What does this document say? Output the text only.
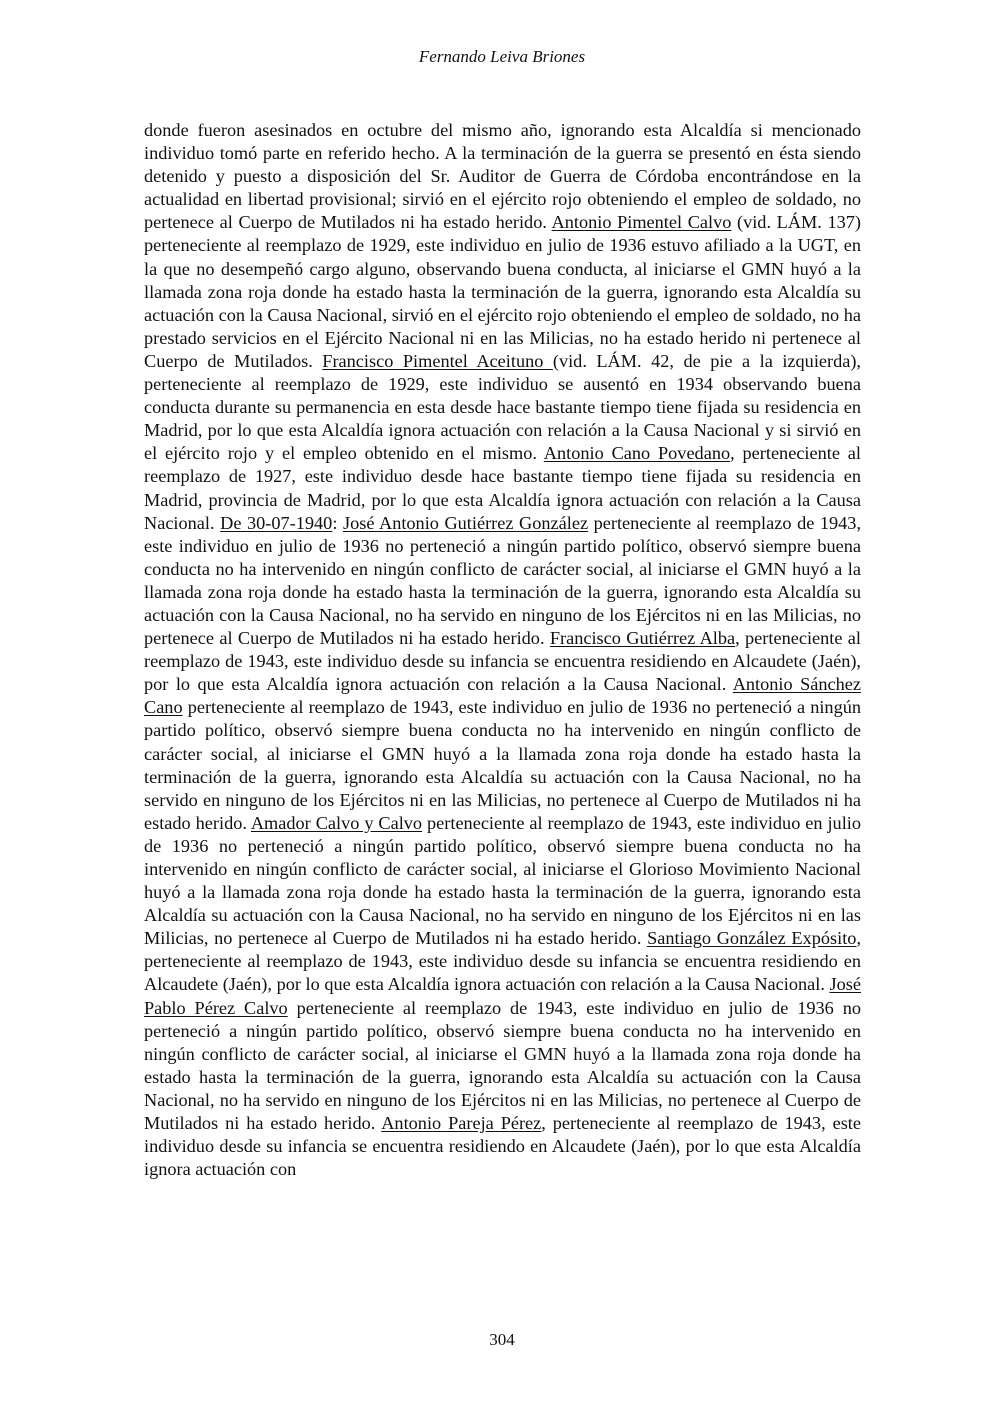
Fernando Leiva Briones

donde fueron asesinados en octubre del mismo año, ignorando esta Alcaldía si mencionado individuo tomó parte en referido hecho. A la terminación de la guerra se presentó en ésta siendo detenido y puesto a disposición del Sr. Auditor de Guerra de Córdoba encontrándose en la actualidad en libertad provisional; sirvió en el ejército rojo obteniendo el empleo de soldado, no pertenece al Cuerpo de Mutilados ni ha estado herido. Antonio Pimentel Calvo (vid. LÁM. 137) perteneciente al reemplazo de 1929, este individuo en julio de 1936 estuvo afiliado a la UGT, en la que no desempeñó cargo alguno, observando buena conducta, al iniciarse el GMN huyó a la llamada zona roja donde ha estado hasta la terminación de la guerra, ignorando esta Alcaldía su actuación con la Causa Nacional, sirvió en el ejército rojo obteniendo el empleo de soldado, no ha prestado servicios en el Ejército Nacional ni en las Milicias, no ha estado herido ni pertenece al Cuerpo de Mutilados. Francisco Pimentel Aceituno (vid. LÁM. 42, de pie a la izquierda), perteneciente al reemplazo de 1929, este individuo se ausentó en 1934 observando buena conducta durante su permanencia en esta desde hace bastante tiempo tiene fijada su residencia en Madrid, por lo que esta Alcaldía ignora actuación con relación a la Causa Nacional y si sirvió en el ejército rojo y el empleo obtenido en el mismo. Antonio Cano Povedano, perteneciente al reemplazo de 1927, este individuo desde hace bastante tiempo tiene fijada su residencia en Madrid, provincia de Madrid, por lo que esta Alcaldía ignora actuación con relación a la Causa Nacional. De 30-07-1940: José Antonio Gutiérrez González perteneciente al reemplazo de 1943, este individuo en julio de 1936 no perteneció a ningún partido político, observó siempre buena conducta no ha intervenido en ningún conflicto de carácter social, al iniciarse el GMN huyó a la llamada zona roja donde ha estado hasta la terminación de la guerra, ignorando esta Alcaldía su actuación con la Causa Nacional, no ha servido en ninguno de los Ejércitos ni en las Milicias, no pertenece al Cuerpo de Mutilados ni ha estado herido. Francisco Gutiérrez Alba, perteneciente al reemplazo de 1943, este individuo desde su infancia se encuentra residiendo en Alcaudete (Jaén), por lo que esta Alcaldía ignora actuación con relación a la Causa Nacional. Antonio Sánchez Cano perteneciente al reemplazo de 1943, este individuo en julio de 1936 no perteneció a ningún partido político, observó siempre buena conducta no ha intervenido en ningún conflicto de carácter social, al iniciarse el GMN huyó a la llamada zona roja donde ha estado hasta la terminación de la guerra, ignorando esta Alcaldía su actuación con la Causa Nacional, no ha servido en ninguno de los Ejércitos ni en las Milicias, no pertenece al Cuerpo de Mutilados ni ha estado herido. Amador Calvo y Calvo perteneciente al reemplazo de 1943, este individuo en julio de 1936 no perteneció a ningún partido político, observó siempre buena conducta no ha intervenido en ningún conflicto de carácter social, al iniciarse el Glorioso Movimiento Nacional huyó a la llamada zona roja donde ha estado hasta la terminación de la guerra, ignorando esta Alcaldía su actuación con la Causa Nacional, no ha servido en ninguno de los Ejércitos ni en las Milicias, no pertenece al Cuerpo de Mutilados ni ha estado herido. Santiago González Expósito, perteneciente al reemplazo de 1943, este individuo desde su infancia se encuentra residiendo en Alcaudete (Jaén), por lo que esta Alcaldía ignora actuación con relación a la Causa Nacional. José Pablo Pérez Calvo perteneciente al reemplazo de 1943, este individuo en julio de 1936 no perteneció a ningún partido político, observó siempre buena conducta no ha intervenido en ningún conflicto de carácter social, al iniciarse el GMN huyó a la llamada zona roja donde ha estado hasta la terminación de la guerra, ignorando esta Alcaldía su actuación con la Causa Nacional, no ha servido en ninguno de los Ejércitos ni en las Milicias, no pertenece al Cuerpo de Mutilados ni ha estado herido. Antonio Pareja Pérez, perteneciente al reemplazo de 1943, este individuo desde su infancia se encuentra residiendo en Alcaudete (Jaén), por lo que esta Alcaldía ignora actuación con

304
